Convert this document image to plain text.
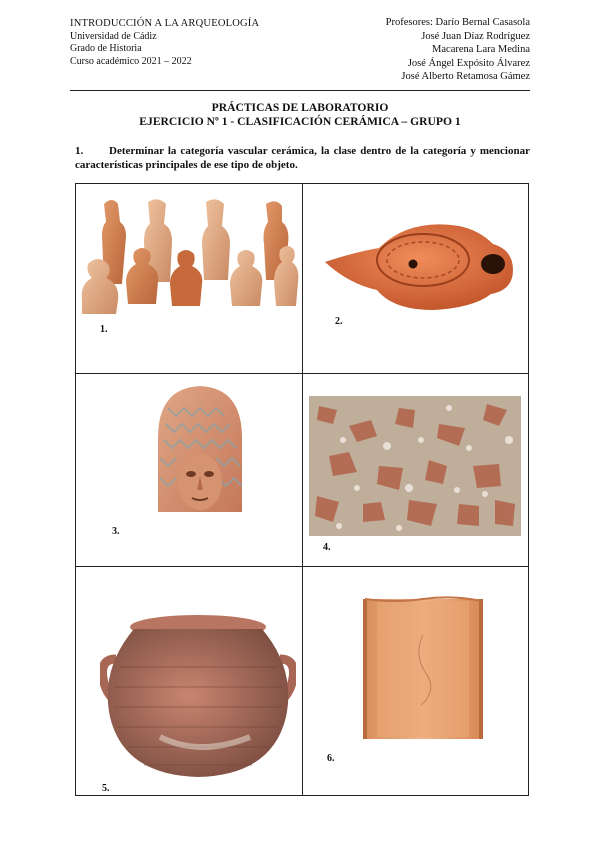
INTRODUCCIÓN A LA ARQUEOLOGÍA
Universidad de Cádiz
Grado de Historia
Curso académico 2021 – 2022
Profesores: Darío Bernal Casasola
José Juan Díaz Rodríguez
Macarena Lara Medina
José Ángel Expósito Álvarez
José Alberto Retamosa Gámez
PRÁCTICAS DE LABORATORIO
EJERCICIO Nº 1 - CLASIFICACIÓN CERÁMICA – GRUPO 1
1. Determinar la categoría vascular cerámica, la clase dentro de la categoría y mencionar características principales de ese tipo de objeto.
1.	2.

3.	4.

5.	6.
